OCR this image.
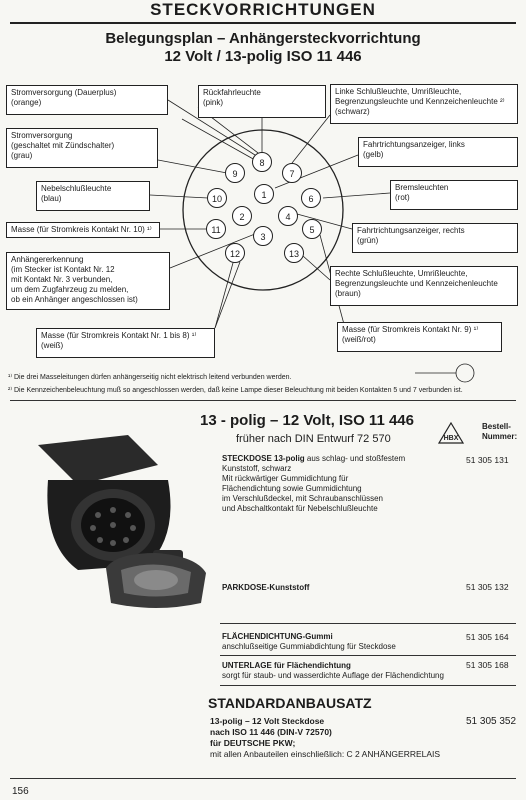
STECKVORRICHTUNGEN
Belegungsplan – Anhängersteckvorrichtung
12 Volt / 13-polig ISO 11 446
Stromversorgung (Dauerplus)
(orange)
Stromversorgung
(geschaltet mit Zündschalter)
(grau)
Nebelschlußleuchte
(blau)
Masse (für Stromkreis Kontakt Nr. 10) ¹⁾
Anhängererkennung
(im Stecker ist Kontakt Nr. 12
mit Kontakt Nr. 3 verbunden,
um dem Zugfahrzeug zu melden,
ob ein Anhänger angeschlossen ist)
Masse (für Stromkreis Kontakt Nr. 1 bis 8) ¹⁾
(weiß)
Rückfahrleuchte
(pink)
Linke Schlußleuchte, Umrißleuchte,
Begrenzungsleuchte und Kennzeichenleuchte ²⁾
(schwarz)
Fahrtrichtungsanzeiger, links
(gelb)
Bremsleuchten
(rot)
Fahrtrichtungsanzeiger, rechts
(grün)
Rechte Schlußleuchte, Umrißleuchte,
Begrenzungsleuchte und Kennzeichenleuchte
(braun)
Masse (für Stromkreis Kontakt Nr. 9) ¹⁾
(weiß/rot)
8
9	7
10	1	6
2	4
11
3
5
12	13
¹⁾ Die drei Masseleitungen dürfen anhängerseitig nicht elektrisch leitend verbunden werden.
²⁾ Die Kennzeichenbeleuchtung muß so angeschlossen werden, daß keine Lampe dieser Beleuchtung mit beiden Kontakten 5 und 7 verbunden ist.
13 - polig – 12 Volt, ISO 11 446
früher nach DIN Entwurf 72 570	HBX
Bestell-
Nummer:
STECKDOSE 13-polig aus schlag- und stoßfestem
Kunststoff, schwarz
Mit rückwärtiger Gummidichtung für
Flächendichtung sowie Gummidichtung
im Verschlußdeckel, mit Schraubanschlüssen
und Abschaltkontakt für Nebelschlußleuchte
51 305 131
PARKDOSE-Kunststoff	51 305 132
FLÄCHENDICHTUNG-Gummi
anschlußseitige Gummiabdichtung für Steckdose
51 305 164
UNTERLAGE für Flächendichtung
sorgt für staub- und wasserdichte Auflage der Flächendichtung
51 305 168
STANDARDANBAUSATZ
13-polig – 12 Volt Steckdose
nach ISO 11 446 (DIN-V 72570)
für DEUTSCHE PKW;
mit allen Anbauteilen einschließlich: C 2 ANHÄNGERRELAIS
51 305 352
156
